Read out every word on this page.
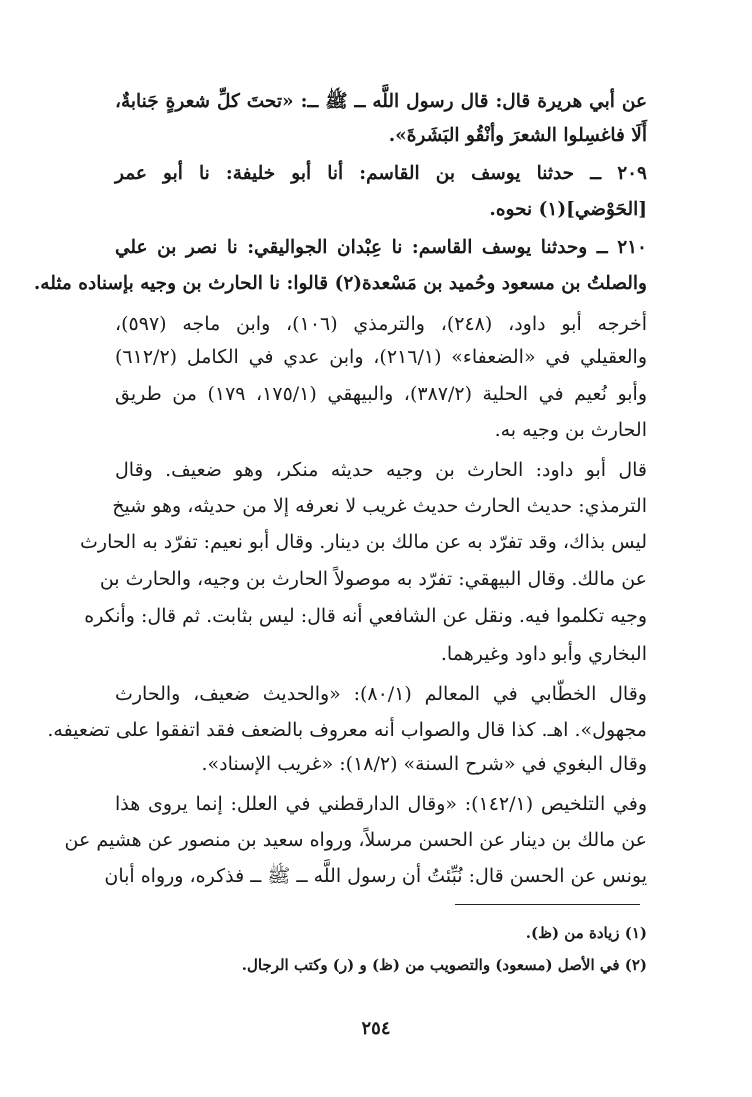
عن أبي هريرة قال: قال رسول اللَّه ــ ﷺ ــ: «تحتَ كلِّ شعرةٍ جَنابةٌ،
أَلَا فاغسِلوا الشعرَ وأنْقُو البَشَرةَ».
٢٠٩ ــ حدثنا يوسف بن القاسم: أنا أبو خليفة: نا أبو عمر
[الحَوْضي](١) نحوه.
٢١٠ ــ وحدثنا يوسف القاسم: نا عِبْدان الجواليقي: نا نصر بن علي
والصلتُ بن مسعود وحُميد بن مَسْعدة(٢) قالوا: نا الحارث بن وجيه بإسناده مثله.
أخرجه أبو داود، (٢٤٨)، والترمذي (١٠٦)، وابن ماجه (٥٩٧)،
والعقيلي في «الضعفاء» (٢١٦/١)، وابن عدي في الكامل (٦١٢/٢)
وأبو نُعيم في الحلية (٣٨٧/٢)، والبيهقي (١٧٥/١، ١٧٩) من طريق
الحارث بن وجيه به.
قال أبو داود: الحارث بن وجيه حديثه منكر، وهو ضعيف. وقال
الترمذي: حديث الحارث حديث غريب لا نعرفه إلا من حديثه، وهو شيخ
ليس بذاك، وقد تفرّد به عن مالك بن دينار. وقال أبو نعيم: تفرّد به الحارث
عن مالك. وقال البيهقي: تفرّد به موصولاً الحارث بن وجيه، والحارث بن
وجيه تكلموا فيه. ونقل عن الشافعي أنه قال: ليس بثابت. ثم قال: وأنكره
البخاري وأبو داود وغيرهما.
وقال الخطّابي في المعالم (٨٠/١): «والحديث ضعيف، والحارث
مجهول». اهـ. كذا قال والصواب أنه معروف بالضعف فقد اتفقوا على تضعيفه.
وقال البغوي في «شرح السنة» (١٨/٢): «غريب الإسناد».
وفي التلخيص (١٤٢/١): «وقال الدارقطني في العلل: إنما يروى هذا
عن مالك بن دينار عن الحسن مرسلاً، ورواه سعيد بن منصور عن هشيم عن
يونس عن الحسن قال: نُبِّئتُ أن رسول اللَّه ــ ﷺ ــ فذكره، ورواه أبان
(١) زيادة من (ظ).
(٢) في الأصل (مسعود) والتصويب من (ظ) و (ر) وكتب الرجال.
٢٥٤
